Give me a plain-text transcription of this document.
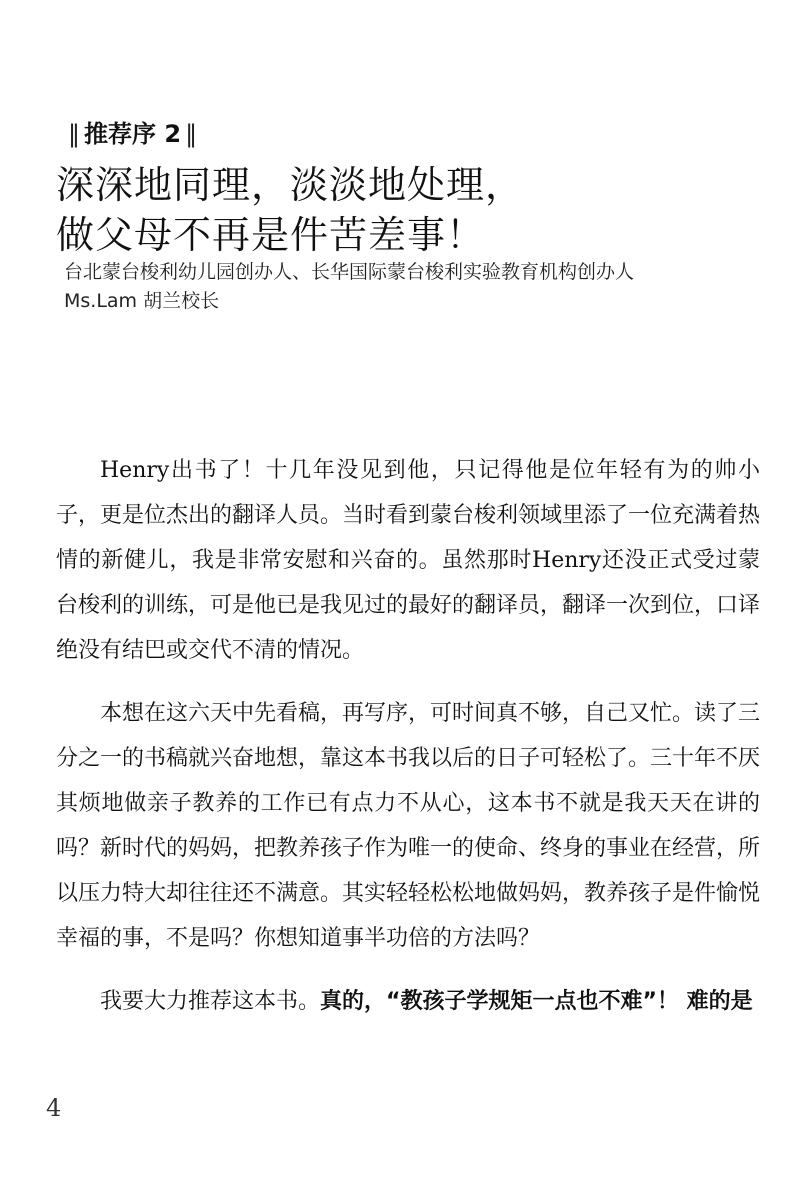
‖ 推荐序 2 ‖
深深地同理，淡淡地处理，
做父母不再是件苦差事！
台北蒙台梭利幼儿园创办人、长华国际蒙台梭利实验教育机构创办人
Ms.Lam 胡兰校长

Henry出书了！十几年没见到他，只记得他是位年轻有为的帅小子，更是位杰出的翻译人员。当时看到蒙台梭利领域里添了一位充满着热情的新健儿，我是非常安慰和兴奋的。虽然那时Henry还没正式受过蒙台梭利的训练，可是他已是我见过的最好的翻译员，翻译一次到位，口译绝没有结巴或交代不清的情况。

本想在这六天中先看稿，再写序，可时间真不够，自己又忙。读了三分之一的书稿就兴奋地想，靠这本书我以后的日子可轻松了。三十年不厌其烦地做亲子教养的工作已有点力不从心，这本书不就是我天天在讲的吗？新时代的妈妈，把教养孩子作为唯一的使命、终身的事业在经营，所以压力特大却往往还不满意。其实轻轻松松地做妈妈，教养孩子是件愉悦幸福的事，不是吗？你想知道事半功倍的方法吗？

我要大力推荐这本书。真的，“教孩子学规矩一点也不难”！ 难的是

4
